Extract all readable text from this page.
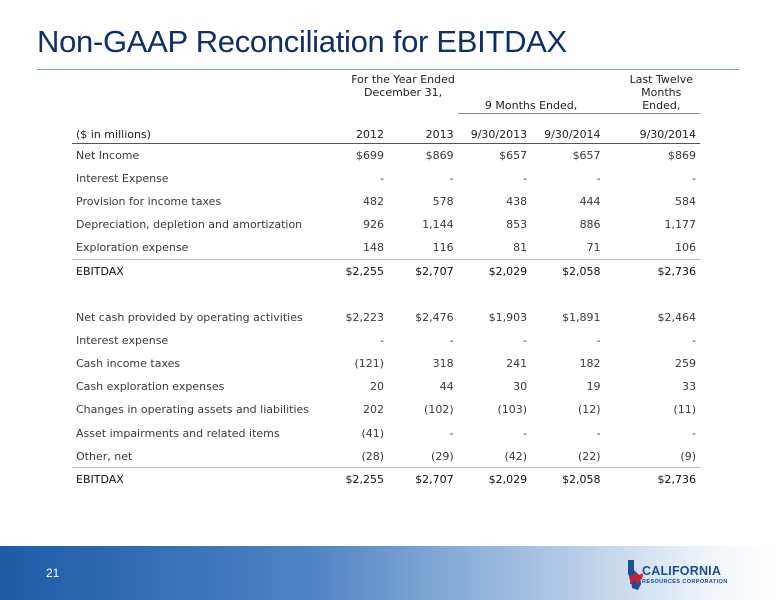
Non-GAAP Reconciliation for EBITDAX
	For the Year Ended December 31,		9 Months Ended,		Last Twelve Months Ended,

($ in millions)	2012	2013	9/30/2013	9/30/2014	9/30/2014
Net Income	$699	$869	$657	$657	$869
Interest Expense	-	-	-	-	-
Provision for income taxes	482	578	438	444	584
Depreciation, depletion and amortization	926	1,144	853	886	1,177
Exploration expense	148	116	81	71	106
EBITDAX	$2,255	$2,707	$2,029	$2,058	$2,736

Net cash provided by operating activities	$2,223	$2,476	$1,903	$1,891	$2,464
Interest expense	-	-	-	-	-
Cash income taxes	(121)	318	241	182	259
Cash exploration expenses	20	44	30	19	33
Changes in operating assets and liabilities	202	(102)	(103)	(12)	(11)
Asset impairments and related items	(41)	-	-	-	-
Other, net	(28)	(29)	(42)	(22)	(9)
EBITDAX	$2,255	$2,707	$2,029	$2,058	$2,736
21	CALIFORNIA
RESOURCES CORPORATION
